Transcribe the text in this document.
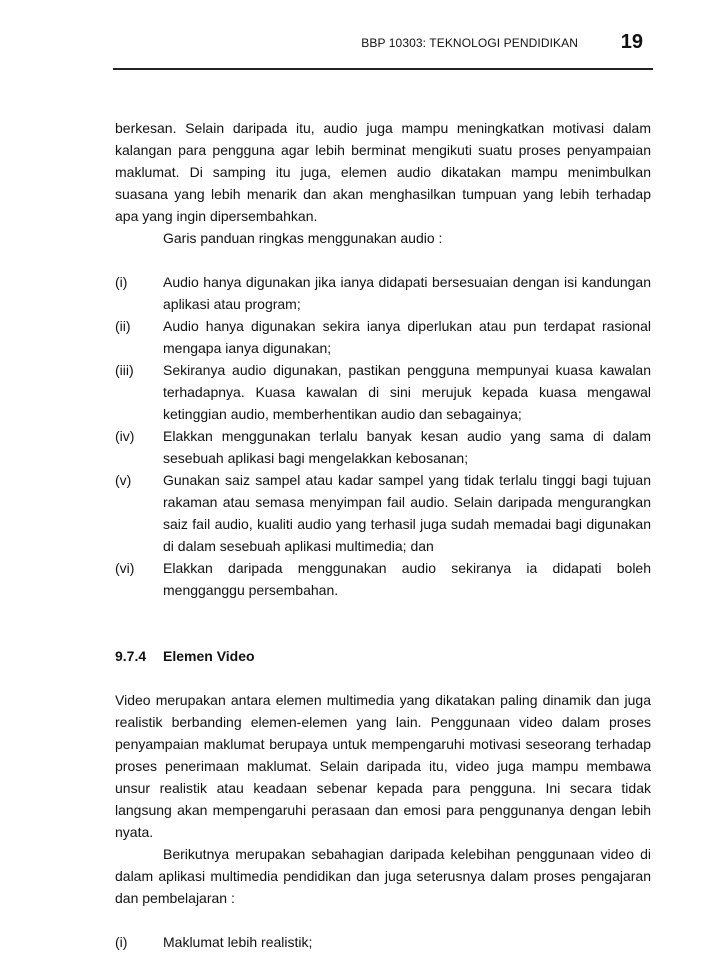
BBP 10303: TEKNOLOGI PENDIDIKAN 19

berkesan. Selain daripada itu, audio juga mampu meningkatkan motivasi dalam kalangan para pengguna agar lebih berminat mengikuti suatu proses penyampaian maklumat. Di samping itu juga, elemen audio dikatakan mampu menimbulkan suasana yang lebih menarik dan akan menghasilkan tumpuan yang lebih terhadap apa yang ingin dipersembahkan.

Garis panduan ringkas menggunakan audio :

(i)	Audio hanya digunakan jika ianya didapati bersesuaian dengan isi kandungan aplikasi atau program;
(ii)	Audio hanya digunakan sekira ianya diperlukan atau pun terdapat rasional mengapa ianya digunakan;
(iii)	Sekiranya audio digunakan, pastikan pengguna mempunyai kuasa kawalan terhadapnya. Kuasa kawalan di sini merujuk kepada kuasa mengawal ketinggian audio, memberhentikan audio dan sebagainya;
(iv)	Elakkan menggunakan terlalu banyak kesan audio yang sama di dalam sesebuah aplikasi bagi mengelakkan kebosanan;
(v)	Gunakan saiz sampel atau kadar sampel yang tidak terlalu tinggi bagi tujuan rakaman atau semasa menyimpan fail audio. Selain daripada mengurangkan saiz fail audio, kualiti audio yang terhasil juga sudah memadai bagi digunakan di dalam sesebuah aplikasi multimedia; dan
(vi)	Elakkan daripada menggunakan audio sekiranya ia didapati boleh mengganggu persembahan.
9.7.4	Elemen Video

Video merupakan antara elemen multimedia yang dikatakan paling dinamik dan juga realistik berbanding elemen-elemen yang lain. Penggunaan video dalam proses penyampaian maklumat berupaya untuk mempengaruhi motivasi seseorang terhadap proses penerimaan maklumat. Selain daripada itu, video juga mampu membawa unsur realistik atau keadaan sebenar kepada para pengguna. Ini secara tidak langsung akan mempengaruhi perasaan dan emosi para penggunanya dengan lebih nyata.

Berikutnya merupakan sebahagian daripada kelebihan penggunaan video di dalam aplikasi multimedia pendidikan dan juga seterusnya dalam proses pengajaran dan pembelajaran :

(i)	Maklumat lebih realistik;
